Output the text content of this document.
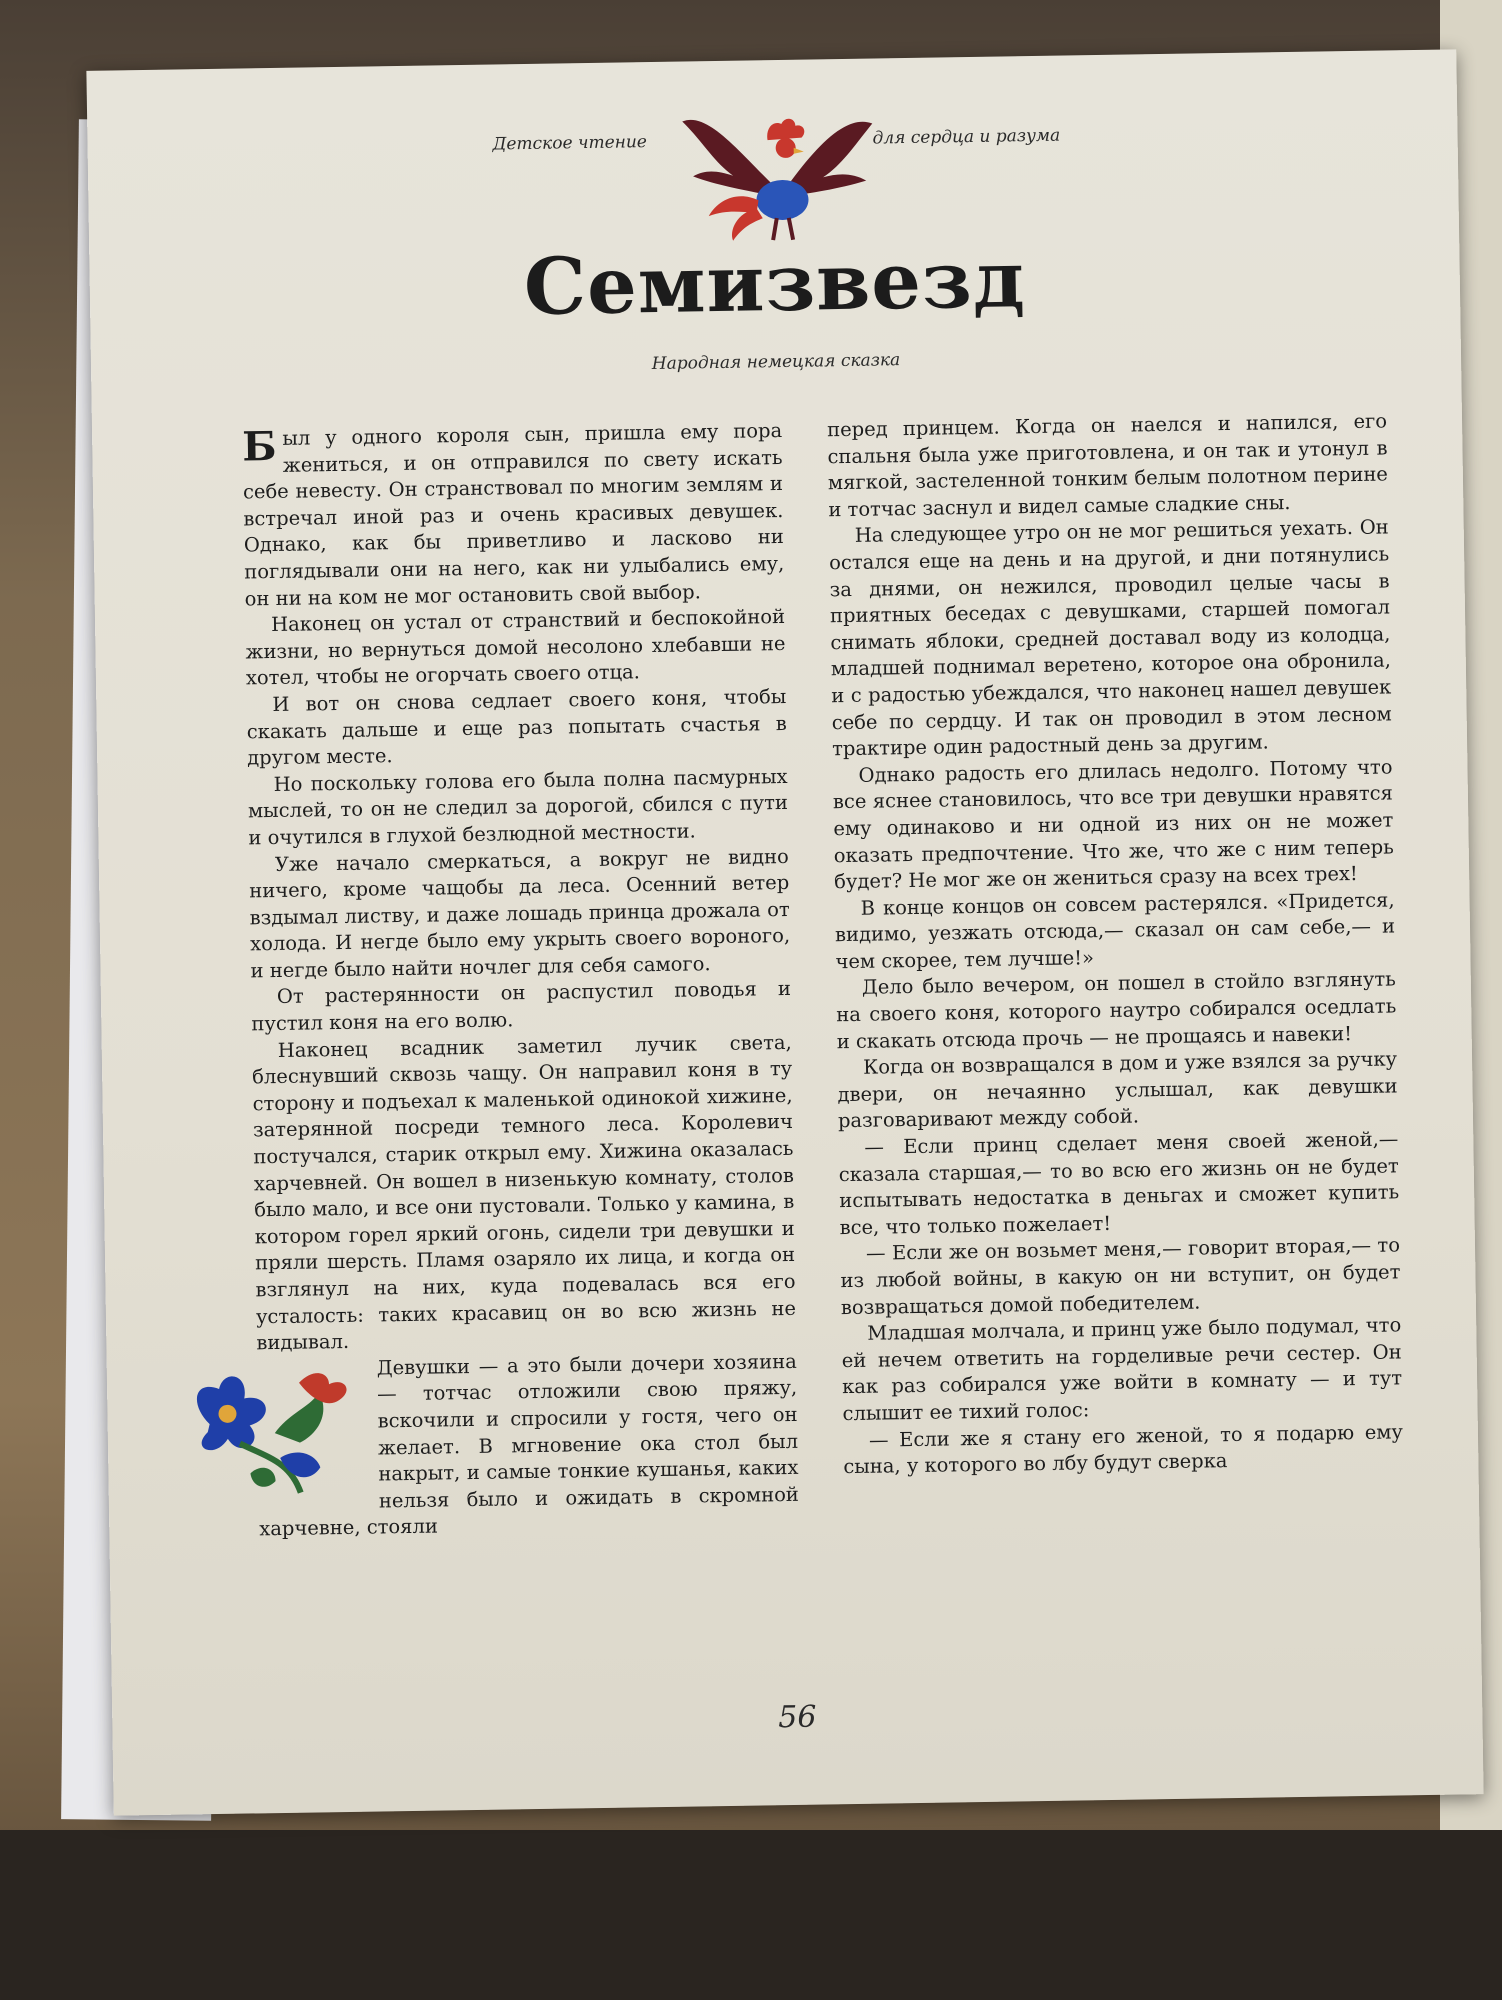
Детское чтение	для сердца и разума
Семизвезд
Народная немецкая сказка

Был у одного короля сын, пришла ему пора жениться, и он отправился по свету искать себе невесту. Он странствовал по многим землям и встречал иной раз и очень красивых девушек. Однако, как бы приветливо и ласково ни поглядывали они на него, как ни улыбались ему, он ни на ком не мог остановить свой выбор.

Наконец он устал от странствий и беспокойной жизни, но вернуться домой несолоно хлебавши не хотел, чтобы не огорчать своего отца.

И вот он снова седлает своего коня, чтобы скакать дальше и еще раз попытать счастья в другом месте.

Но поскольку голова его была полна пасмурных мыслей, то он не следил за дорогой, сбился с пути и очутился в глухой безлюдной местности.

Уже начало смеркаться, а вокруг не видно ничего, кроме чащобы да леса. Осенний ветер вздымал листву, и даже лошадь принца дрожала от холода. И негде было ему укрыть своего вороного, и негде было найти ночлег для себя самого.

От растерянности он распустил поводья и пустил коня на его волю.

Наконец всадник заметил лучик света, блеснувший сквозь чащу. Он направил коня в ту сторону и подъехал к маленькой одинокой хижине, затерянной посреди темного леса. Королевич постучался, старик открыл ему. Хижина оказалась харчевней. Он вошел в низенькую комнату, столов было мало, и все они пустовали. Только у камина, в котором горел яркий огонь, сидели три девушки и пряли шерсть. Пламя озаряло их лица, и когда он взглянул на них, куда подевалась вся его усталость: таких красавиц он во всю жизнь не видывал.

Девушки — а это были дочери хозяина — тотчас отложили свою пряжу, вскочили и спросили у гостя, чего он желает. В мгновение ока стол был накрыт, и самые тонкие кушанья, каких нельзя было и ожидать в скромной харчевне, стояли

перед принцем. Когда он наелся и напился, его спальня была уже приготовлена, и он так и утонул в мягкой, застеленной тонким белым полотном перине и тотчас заснул и видел самые сладкие сны.

На следующее утро он не мог решиться уехать. Он остался еще на день и на другой, и дни потянулись за днями, он нежился, проводил целые часы в приятных беседах с девушками, старшей помогал снимать яблоки, средней доставал воду из колодца, младшей поднимал веретено, которое она обронила, и с радостью убеждался, что наконец нашел девушек себе по сердцу. И так он проводил в этом лесном трактире один радостный день за другим.

Однако радость его длилась недолго. Потому что все яснее становилось, что все три девушки нравятся ему одинаково и ни одной из них он не может оказать предпочтение. Что же, что же с ним теперь будет? Не мог же он жениться сразу на всех трех!

В конце концов он совсем растерялся. «Придется, видимо, уезжать отсюда,— сказал он сам себе,— и чем скорее, тем лучше!»

Дело было вечером, он пошел в стойло взглянуть на своего коня, которого наутро собирался оседлать и скакать отсюда прочь — не прощаясь и навеки!

Когда он возвращался в дом и уже взялся за ручку двери, он нечаянно услышал, как девушки разговаривают между собой.

— Если принц сделает меня своей женой,— сказала старшая,— то во всю его жизнь он не будет испытывать недостатка в деньгах и сможет купить все, что только пожелает!

— Если же он возьмет меня,— говорит вторая,— то из любой войны, в какую он ни вступит, он будет возвращаться домой победителем.

Младшая молчала, и принц уже было подумал, что ей нечем ответить на горделивые речи сестер. Он как раз собирался уже войти в комнату — и тут слышит ее тихий голос:

— Если же я стану его женой, то я подарю ему сына, у которого во лбу будут сверка

56
